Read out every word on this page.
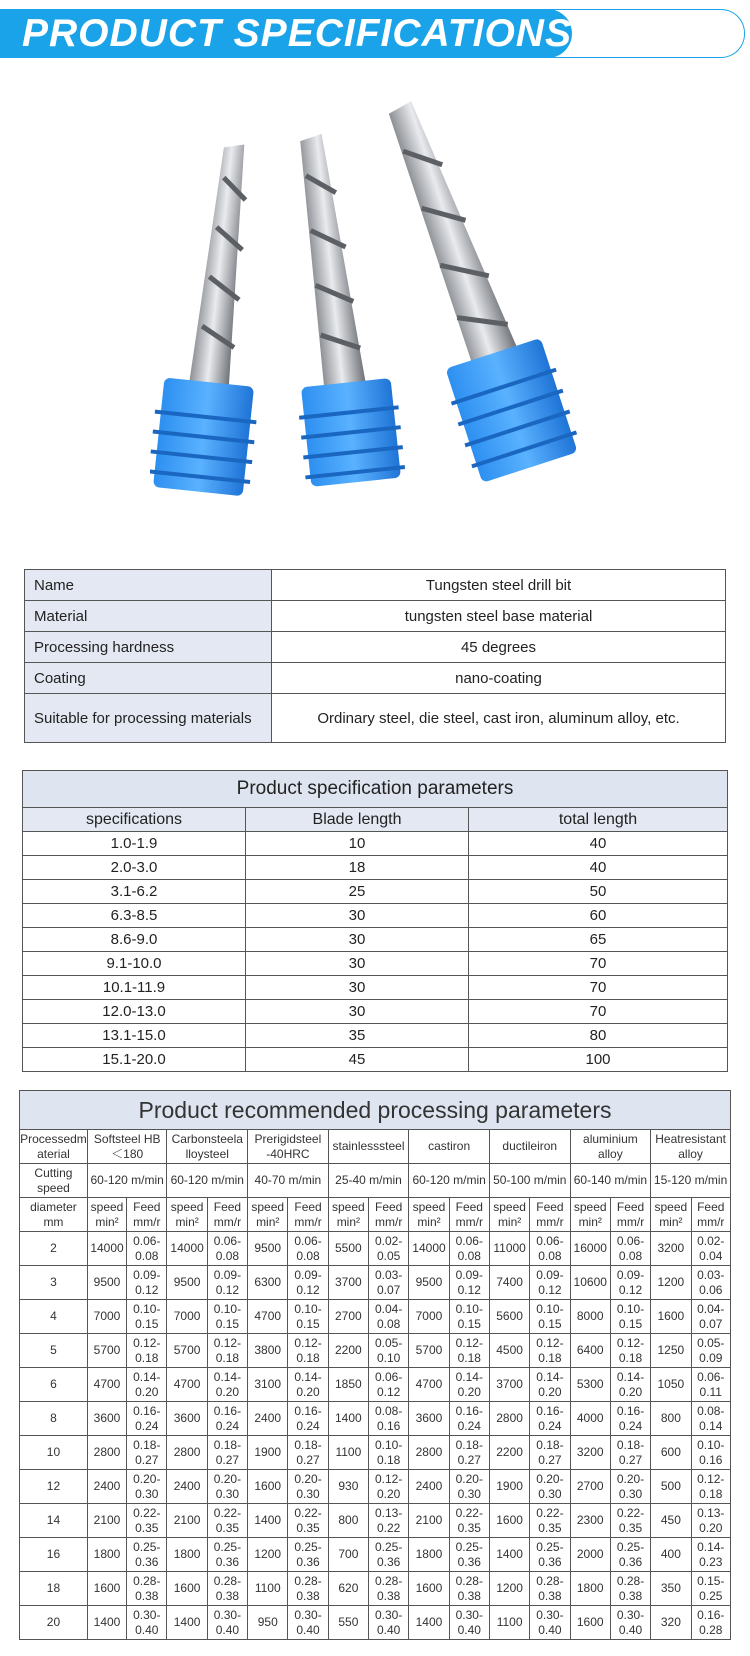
PRODUCT SPECIFICATIONS
Name	Tungsten steel drill bit
Material	tungsten steel base material
Processing hardness	45 degrees
Coating	nano-coating
Suitable for processing materials	Ordinary steel, die steel, cast iron, aluminum alloy, etc.
Product specification parameters		
specifications	Blade length	total length
1.0-1.9	10	40
2.0-3.0	18	40
3.1-6.2	25	50
6.3-8.5	30	60
8.6-9.0	30	65
9.1-10.0	30	70
10.1-11.9	30	70
12.0-13.0	30	70
13.1-15.0	35	80
15.1-20.0	45	100
Product recommended processing parameters																
Processedm aterial	Softsteel HB＜180		Carbonsteela lloysteel		Prerigidsteel -40HRC		stainlesssteel		castiron		ductileiron		aluminium alloy		Heatresistant alloy	
Cutting speed	60-120 m/min		60-120 m/min		40-70 m/min		25-40 m/min		60-120 m/min		50-100 m/min		60-140 m/min		15-120 m/min	
diameter mm	speed min²	Feed mm/r	speed min²	Feed mm/r	speed min²	Feed mm/r	speed min²	Feed mm/r	speed min²	Feed mm/r	speed min²	Feed mm/r	speed min²	Feed mm/r	speed min²	Feed mm/r
2	14000	0.06-0.08	14000	0.06-0.08	9500	0.06-0.08	5500	0.02-0.05	14000	0.06-0.08	11000	0.06-0.08	16000	0.06-0.08	3200	0.02-0.04
3	9500	0.09-0.12	9500	0.09-0.12	6300	0.09-0.12	3700	0.03-0.07	9500	0.09-0.12	7400	0.09-0.12	10600	0.09-0.12	1200	0.03-0.06
4	7000	0.10-0.15	7000	0.10-0.15	4700	0.10-0.15	2700	0.04-0.08	7000	0.10-0.15	5600	0.10-0.15	8000	0.10-0.15	1600	0.04-0.07
5	5700	0.12-0.18	5700	0.12-0.18	3800	0.12-0.18	2200	0.05-0.10	5700	0.12-0.18	4500	0.12-0.18	6400	0.12-0.18	1250	0.05-0.09
6	4700	0.14-0.20	4700	0.14-0.20	3100	0.14-0.20	1850	0.06-0.12	4700	0.14-0.20	3700	0.14-0.20	5300	0.14-0.20	1050	0.06-0.11
8	3600	0.16-0.24	3600	0.16-0.24	2400	0.16-0.24	1400	0.08-0.16	3600	0.16-0.24	2800	0.16-0.24	4000	0.16-0.24	800	0.08-0.14
10	2800	0.18-0.27	2800	0.18-0.27	1900	0.18-0.27	1100	0.10-0.18	2800	0.18-0.27	2200	0.18-0.27	3200	0.18-0.27	600	0.10-0.16
12	2400	0.20-0.30	2400	0.20-0.30	1600	0.20-0.30	930	0.12-0.20	2400	0.20-0.30	1900	0.20-0.30	2700	0.20-0.30	500	0.12-0.18
14	2100	0.22-0.35	2100	0.22-0.35	1400	0.22-0.35	800	0.13-0.22	2100	0.22-0.35	1600	0.22-0.35	2300	0.22-0.35	450	0.13-0.20
16	1800	0.25-0.36	1800	0.25-0.36	1200	0.25-0.36	700	0.25-0.36	1800	0.25-0.36	1400	0.25-0.36	2000	0.25-0.36	400	0.14-0.23
18	1600	0.28-0.38	1600	0.28-0.38	1100	0.28-0.38	620	0.28-0.38	1600	0.28-0.38	1200	0.28-0.38	1800	0.28-0.38	350	0.15-0.25
20	1400	0.30-0.40	1400	0.30-0.40	950	0.30-0.40	550	0.30-0.40	1400	0.30-0.40	1100	0.30-0.40	1600	0.30-0.40	320	0.16-0.28
